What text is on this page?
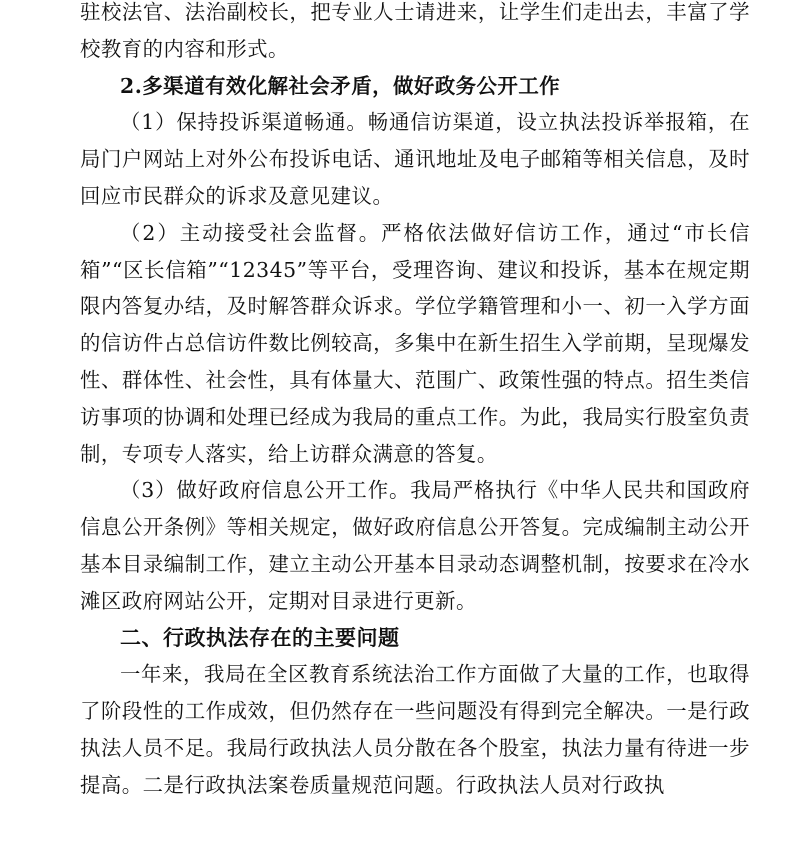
驻校法官、法治副校长，把专业人士请进来，让学生们走出去，丰富了学校教育的内容和形式。

2.多渠道有效化解社会矛盾，做好政务公开工作

（1）保持投诉渠道畅通。畅通信访渠道，设立执法投诉举报箱，在局门户网站上对外公布投诉电话、通讯地址及电子邮箱等相关信息，及时回应市民群众的诉求及意见建议。

（2）主动接受社会监督。严格依法做好信访工作，通过“市长信箱”“区长信箱”“12345”等平台，受理咨询、建议和投诉，基本在规定期限内答复办结，及时解答群众诉求。学位学籍管理和小一、初一入学方面的信访件占总信访件数比例较高，多集中在新生招生入学前期，呈现爆发性、群体性、社会性，具有体量大、范围广、政策性强的特点。招生类信访事项的协调和处理已经成为我局的重点工作。为此，我局实行股室负责制，专项专人落实，给上访群众满意的答复。

（3）做好政府信息公开工作。我局严格执行《中华人民共和国政府信息公开条例》等相关规定，做好政府信息公开答复。完成编制主动公开基本目录编制工作，建立主动公开基本目录动态调整机制，按要求在冷水滩区政府网站公开，定期对目录进行更新。

二、行政执法存在的主要问题

一年来，我局在全区教育系统法治工作方面做了大量的工作，也取得了阶段性的工作成效，但仍然存在一些问题没有得到完全解决。一是行政执法人员不足。我局行政执法人员分散在各个股室，执法力量有待进一步提高。二是行政执法案卷质量规范问题。行政执法人员对行政执
